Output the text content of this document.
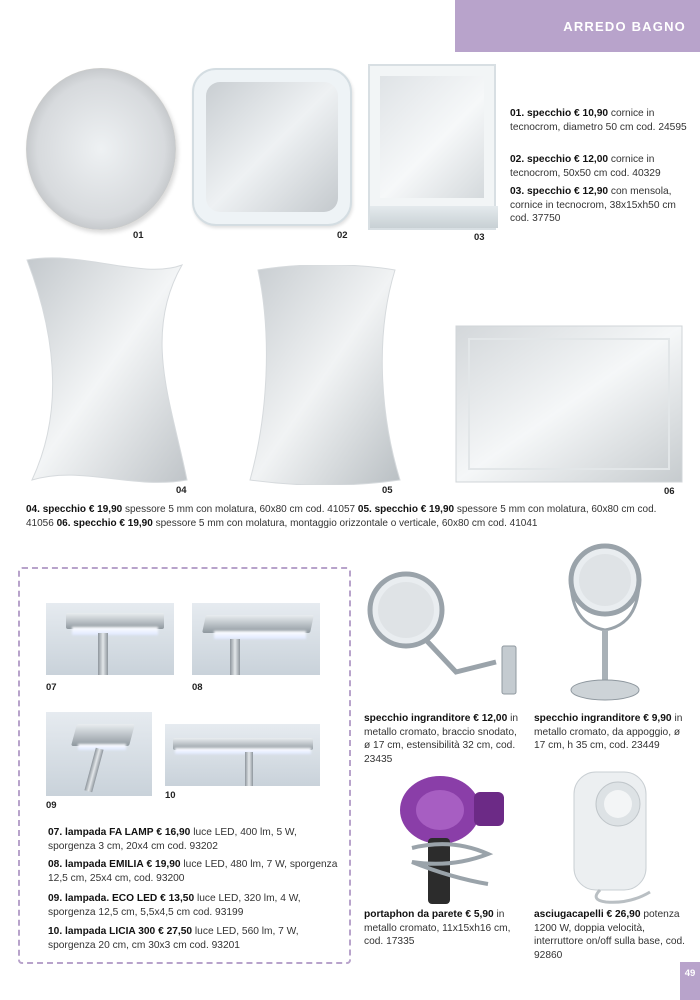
ARREDO BAGNO
01	02	03
01. specchio € 10,90 cornice in tecnocrom, diametro 50 cm cod. 24595
02. specchio € 12,00 cornice in tecnocrom, 50x50 cm cod. 40329
03. specchio € 12,90 con mensola, cornice in tecnocrom, 38x15xh50 cm cod. 37750
04	05	06
04. specchio € 19,90 spessore 5 mm con molatura, 60x80 cm cod. 41057 05. specchio € 19,90 spessore 5 mm con molatura, 60x80 cm cod. 41056 06. specchio € 19,90 spessore 5 mm con molatura, montaggio orizzontale o verticale, 60x80 cm cod. 41041
07	08
09
10
07. lampada FA LAMP € 16,90 luce LED, 400 lm, 5 W, sporgenza 3 cm, 20x4 cm cod. 93202
08. lampada EMILIA € 19,90 luce LED, 480 lm, 7 W, sporgenza 12,5 cm, 25x4 cm, cod. 93200
09. lampada. ECO LED € 13,50 luce LED, 320 lm, 4 W, sporgenza 12,5 cm, 5,5x4,5 cm cod. 93199
10. lampada LICIA 300 € 27,50 luce LED, 560 lm, 7 W, sporgenza 20 cm, cm 30x3 cm cod. 93201
specchio ingranditore € 12,00 in metallo cromato, braccio snodato, ø 17 cm, estensibilità 32 cm, cod. 23435
specchio ingranditore € 9,90 in metallo cromato, da appoggio, ø 17 cm, h 35 cm, cod. 23449
portaphon da parete € 5,90 in metallo cromato, 11x15xh16 cm, cod. 17335
asciugacapelli € 26,90 potenza 1200 W, doppia velocità, interruttore on/off sulla base, cod. 92860
49
